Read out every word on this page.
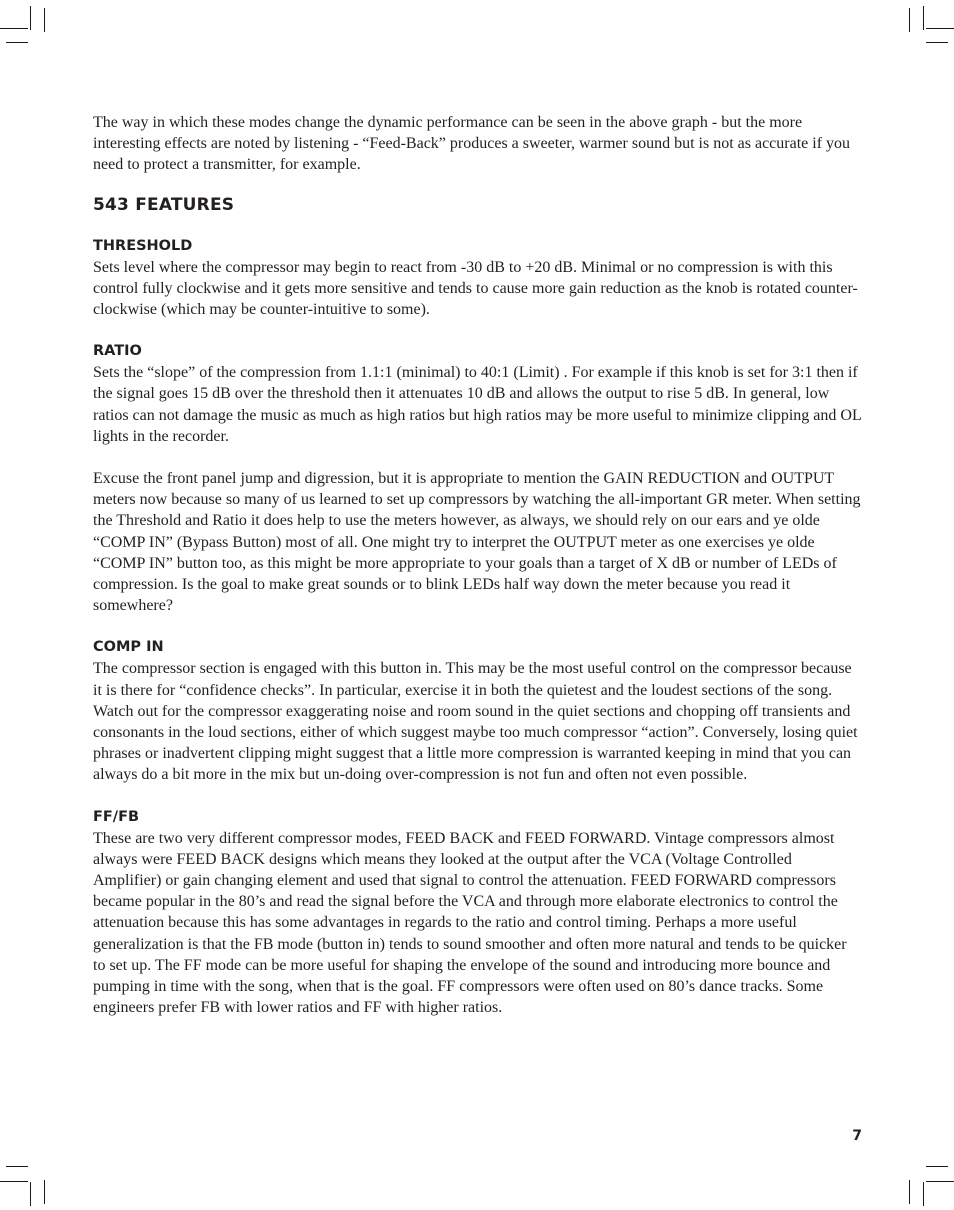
The way in which these modes change the dynamic performance can be seen in the above graph - but the more interesting effects are noted by listening - “Feed-Back” produces a sweeter, warmer sound but is not as accurate if you need to protect a transmitter, for example.

543 FEATURES
THRESHOLD

Sets level where the compressor may begin to react from -30 dB to +20 dB. Minimal or no compression is with this control fully clockwise and it gets more sensitive and tends to cause more gain reduction as the knob is rotated counter-clockwise (which may be counter-intuitive to some).

RATIO

Sets the “slope” of the compression from 1.1:1 (minimal) to 40:1 (Limit) . For example if this knob is set for 3:1 then if the signal goes 15 dB over the threshold then it attenuates 10 dB and allows the output to rise 5 dB. In general, low ratios can not damage the music as much as high ratios but high ratios may be more useful to minimize clipping and OL lights in the recorder.

Excuse the front panel jump and digression, but it is appropriate to mention the GAIN REDUCTION and OUTPUT meters now because so many of us learned to set up compressors by watching the all-important GR meter. When setting the Threshold and Ratio it does help to use the meters however, as always, we should rely on our ears and ye olde “COMP IN” (Bypass Button) most of all. One might try to interpret the OUTPUT meter as one exercises ye olde “COMP IN” button too, as this might be more appropriate to your goals than a target of X dB or number of LEDs of compression. Is the goal to make great sounds or to blink LEDs half way down the meter because you read it somewhere?

COMP IN

The compressor section is engaged with this button in. This may be the most useful control on the compressor because it is there for “confidence checks”. In particular, exercise it in both the quietest and the loudest sections of the song. Watch out for the compressor exaggerating noise and room sound in the quiet sections and chopping off transients and consonants in the loud sections, either of which suggest maybe too much compressor “action”. Conversely, losing quiet phrases or inadvertent clipping might suggest that a little more compression is warranted keeping in mind that you can always do a bit more in the mix but un-doing over-compression is not fun and often not even possible.

FF/FB

These are two very different compressor modes, FEED BACK and FEED FORWARD. Vintage compressors almost always were FEED BACK designs which means they looked at the output after the VCA (Voltage Controlled Amplifier) or gain changing element and used that signal to control the attenuation. FEED FORWARD compressors became popular in the 80’s and read the signal before the VCA and through more elaborate electronics to control the attenuation because this has some advantages in regards to the ratio and control timing. Perhaps a more useful generalization is that the FB mode (button in) tends to sound smoother and often more natural and tends to be quicker to set up. The FF mode can be more useful for shaping the envelope of the sound and introducing more bounce and pumping in time with the song, when that is the goal. FF compressors were often used on 80’s dance tracks. Some engineers prefer FB with lower ratios and FF with higher ratios.

7
